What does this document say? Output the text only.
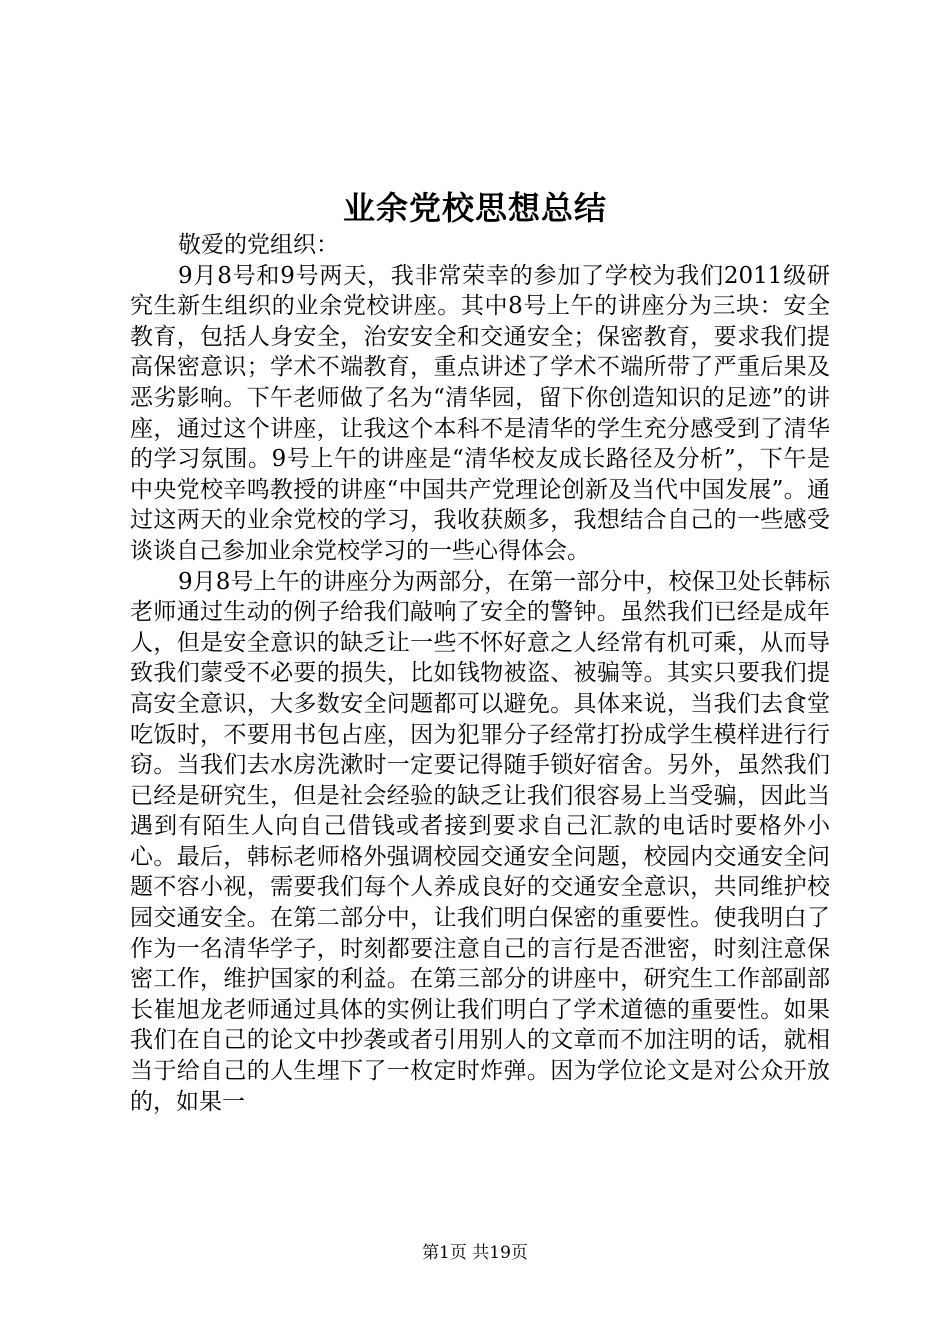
业余党校思想总结

敬爱的党组织：

9月8号和9号两天，我非常荣幸的参加了学校为我们2011级研究生新生组织的业余党校讲座。其中8号上午的讲座分为三块：安全教育，包括人身安全，治安安全和交通安全；保密教育，要求我们提高保密意识；学术不端教育，重点讲述了学术不端所带了严重后果及恶劣影响。下午老师做了名为“清华园，留下你创造知识的足迹”的讲座，通过这个讲座，让我这个本科不是清华的学生充分感受到了清华的学习氛围。9号上午的讲座是“清华校友成长路径及分析”，下午是中央党校辛鸣教授的讲座“中国共产党理论创新及当代中国发展”。通过这两天的业余党校的学习，我收获颇多，我想结合自己的一些感受谈谈自己参加业余党校学习的一些心得体会。

9月8号上午的讲座分为两部分，在第一部分中，校保卫处长韩标老师通过生动的例子给我们敲响了安全的警钟。虽然我们已经是成年人，但是安全意识的缺乏让一些不怀好意之人经常有机可乘，从而导致我们蒙受不必要的损失，比如钱物被盗、被骗等。其实只要我们提高安全意识，大多数安全问题都可以避免。具体来说，当我们去食堂吃饭时，不要用书包占座，因为犯罪分子经常打扮成学生模样进行行窃。当我们去水房洗漱时一定要记得随手锁好宿舍。另外，虽然我们已经是研究生，但是社会经验的缺乏让我们很容易上当受骗，因此当遇到有陌生人向自己借钱或者接到要求自己汇款的电话时要格外小心。最后，韩标老师格外强调校园交通安全问题，校园内交通安全问题不容小视，需要我们每个人养成良好的交通安全意识，共同维护校园交通安全。在第二部分中，让我们明白保密的重要性。使我明白了作为一名清华学子，时刻都要注意自己的言行是否泄密，时刻注意保密工作，维护国家的利益。在第三部分的讲座中，研究生工作部副部长崔旭龙老师通过具体的实例让我们明白了学术道德的重要性。如果我们在自己的论文中抄袭或者引用别人的文章而不加注明的话，就相当于给自己的人生埋下了一枚定时炸弹。因为学位论文是对公众开放的，如果一

第1页 共19页
